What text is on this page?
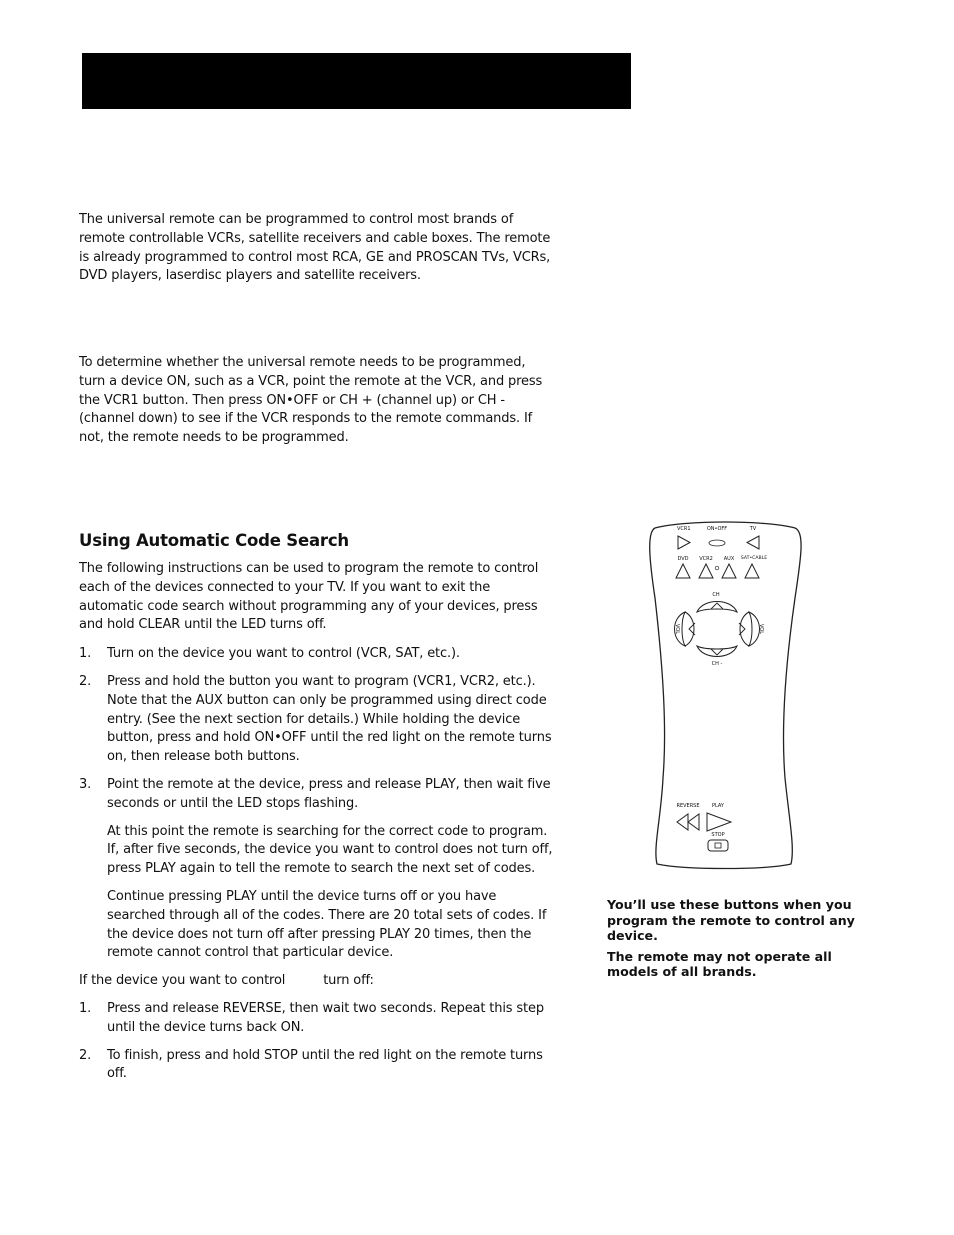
The universal remote can be programmed to control most brands of remote controllable VCRs, satellite receivers and cable boxes. The remote is already programmed to control most RCA, GE and PROSCAN TVs, VCRs, DVD players, laserdisc players and satellite receivers.

To determine whether the universal remote needs to be programmed, turn a device ON, such as a VCR, point the remote at the VCR, and press the VCR1 button. Then press ON•OFF or CH + (channel up) or CH - (channel down) to see if the VCR responds to the remote commands. If not, the remote needs to be programmed.

Using Automatic Code Search

The following instructions can be used to program the remote to control each of the devices connected to your TV. If you want to exit the automatic code search without programming any of your devices, press and hold CLEAR until the LED turns off.

1.	Turn on the device you want to control (VCR, SAT, etc.).
2.	Press and hold the button you want to program (VCR1, VCR2, etc.). Note that the AUX button can only be programmed using direct code entry. (See the next section for details.) While holding the device button, press and hold ON•OFF until the red light on the remote turns on, then release both buttons.
3.	Point the remote at the device, press and release PLAY, then wait five seconds or until the LED stops flashing.

At this point the remote is searching for the correct code to program. If, after five seconds, the device you want to control does not turn off, press PLAY again to tell the remote to search the next set of codes.

Continue pressing PLAY until the device turns off or you have searched through all of the codes. There are 20 total sets of codes. If the device does not turn off after pressing PLAY 20 times, then the remote cannot control that particular device.

If the device you want to control	turn off:

1.	Press and release REVERSE, then wait two seconds. Repeat this step until the device turns back ON.
2.	To finish, press and hold STOP until the red light on the remote turns off.
VCR1	ON•OFF	TV
DVD VCR2 AUX SAT•CABLE
CH
CH -
VOL	VOL
REVERSE PLAY
STOP

You’ll use these buttons when you program the remote to control any device.

The remote may not operate all models of all brands.
